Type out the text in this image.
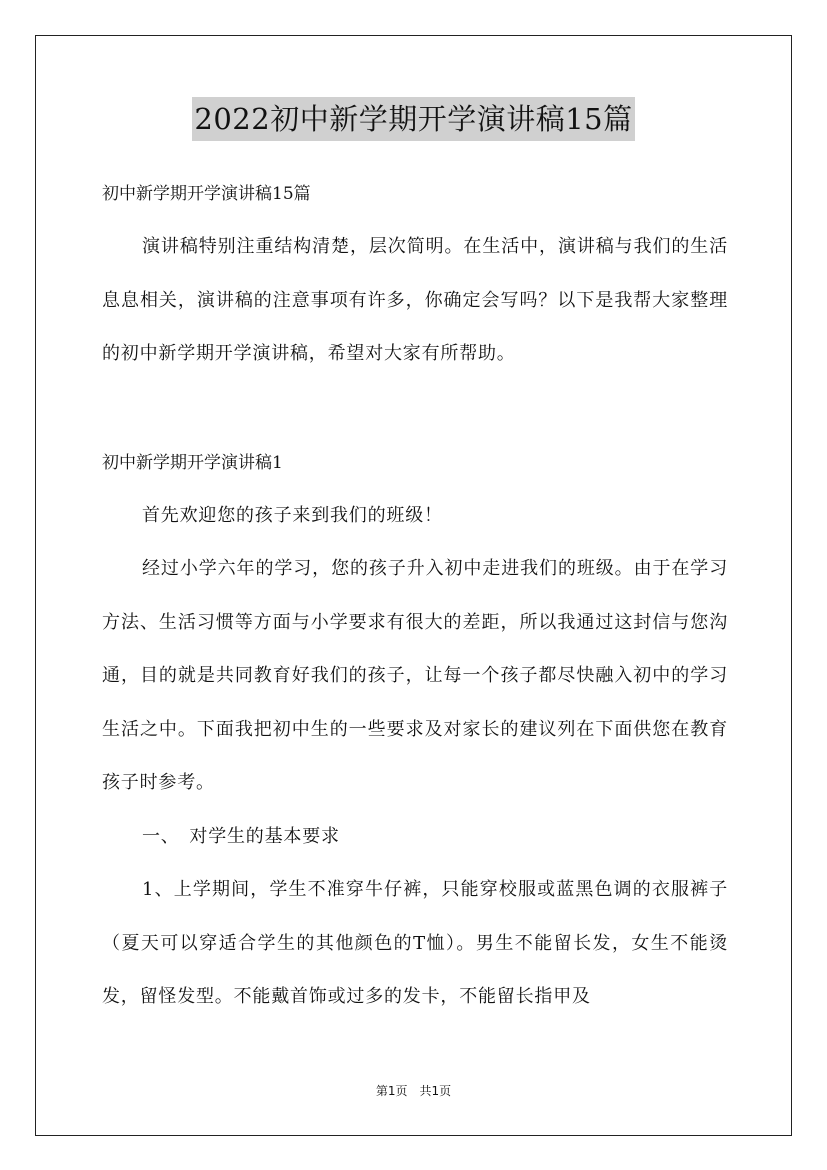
2022初中新学期开学演讲稿15篇
初中新学期开学演讲稿15篇

演讲稿特别注重结构清楚，层次简明。在生活中，演讲稿与我们的生活息息相关，演讲稿的注意事项有许多，你确定会写吗？以下是我帮大家整理的初中新学期开学演讲稿，希望对大家有所帮助。

初中新学期开学演讲稿1
首先欢迎您的孩子来到我们的班级！

经过小学六年的学习，您的孩子升入初中走进我们的班级。由于在学习方法、生活习惯等方面与小学要求有很大的差距，所以我通过这封信与您沟通，目的就是共同教育好我们的孩子，让每一个孩子都尽快融入初中的学习生活之中。下面我把初中生的一些要求及对家长的建议列在下面供您在教育孩子时参考。

一、　对学生的基本要求

1、上学期间，学生不准穿牛仔裤，只能穿校服或蓝黑色调的衣服裤子（夏天可以穿适合学生的其他颜色的T恤）。男生不能留长发，女生不能烫发，留怪发型。不能戴首饰或过多的发卡，不能留长指甲及

第1页　共1页
